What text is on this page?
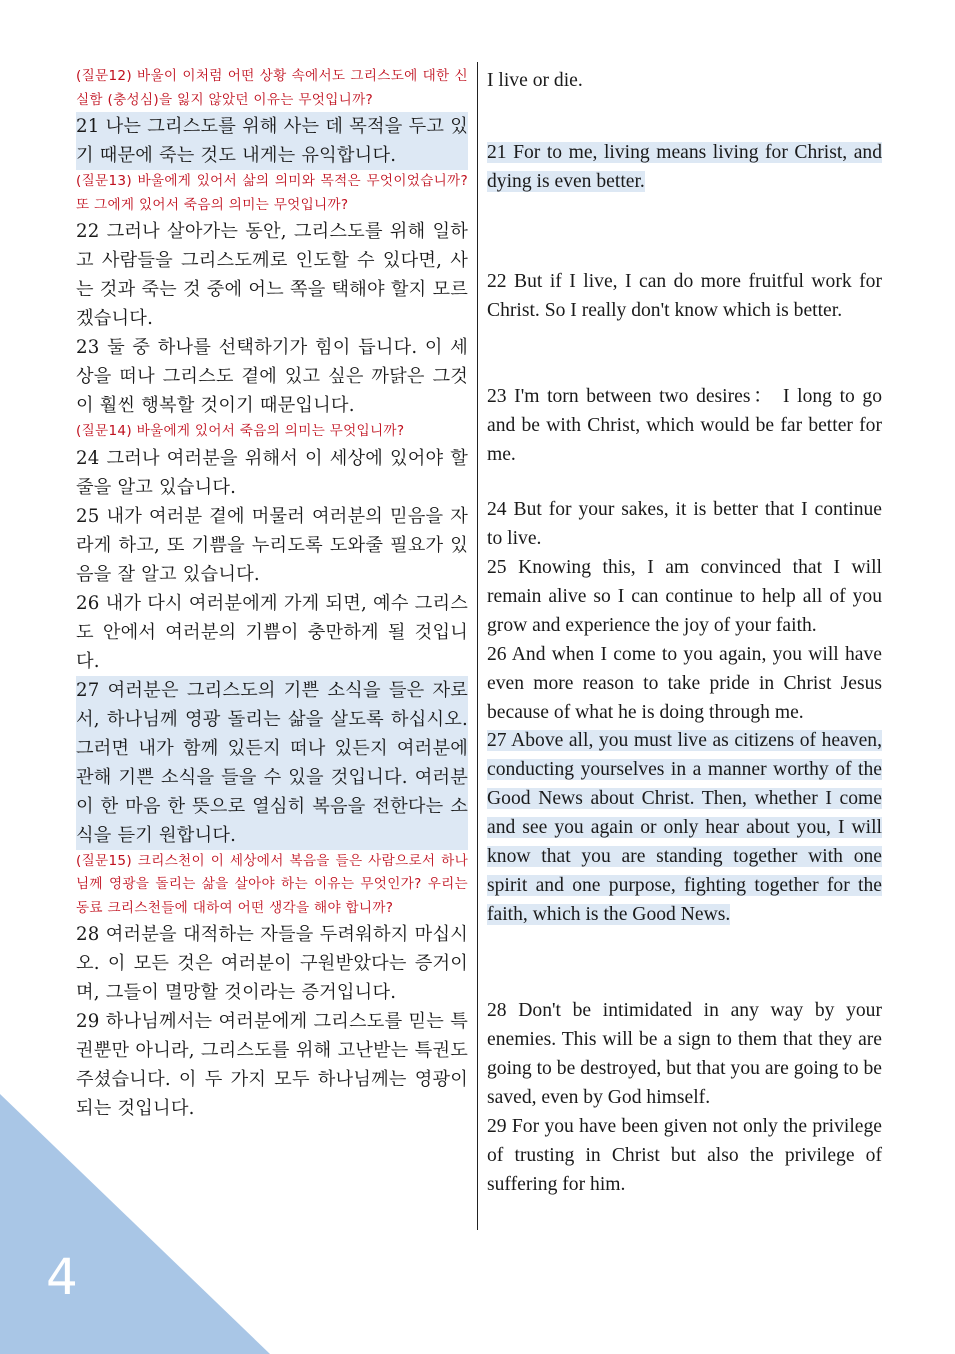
4

(질문12) 바울이 이처럼 어떤 상황 속에서도 그리스도에 대한 신실함 (충성심)을 잃지 않았던 이유는 무엇입니까?

21 나는 그리스도를 위해 사는 데 목적을 두고 있기 때문에 죽는 것도 내게는 유익합니다.

(질문13) 바울에게 있어서 삶의 의미와 목적은 무엇이었습니까? 또 그에게 있어서 죽음의 의미는 무엇입니까?

22 그러나 살아가는 동안, 그리스도를 위해 일하고 사람들을 그리스도께로 인도할 수 있다면, 사는 것과 죽는 것 중에 어느 쪽을 택해야 할지 모르겠습니다.

23 둘 중 하나를 선택하기가 힘이 듭니다. 이 세상을 떠나 그리스도 곁에 있고 싶은 까닭은 그것이 훨씬 행복할 것이기 때문입니다.

(질문14) 바울에게 있어서 죽음의 의미는 무엇입니까?

24 그러나 여러분을 위해서 이 세상에 있어야 할 줄을 알고 있습니다.

25 내가 여러분 곁에 머물러 여러분의 믿음을 자라게 하고, 또 기쁨을 누리도록 도와줄 필요가 있음을 잘 알고 있습니다.

26 내가 다시 여러분에게 가게 되면, 예수 그리스도 안에서 여러분의 기쁨이 충만하게 될 것입니다.

27 여러분은 그리스도의 기쁜 소식을 들은 자로서, 하나님께 영광 돌리는 삶을 살도록 하십시오. 그러면 내가 함께 있든지 떠나 있든지 여러분에 관해 기쁜 소식을 들을 수 있을 것입니다. 여러분이 한 마음 한 뜻으로 열심히 복음을 전한다는 소식을 듣기 원합니다.

(질문15) 크리스천이 이 세상에서 복음을 들은 사람으로서 하나님께 영광을 돌리는 삶을 살아야 하는 이유는 무엇인가? 우리는 동료 크리스천들에 대하여 어떤 생각을 해야 합니까?

28 여러분을 대적하는 자들을 두려워하지 마십시오. 이 모든 것은 여러분이 구원받았다는 증거이며, 그들이 멸망할 것이라는 증거입니다.

29 하나님께서는 여러분에게 그리스도를 믿는 특권뿐만 아니라, 그리스도를 위해 고난받는 특권도 주셨습니다. 이 두 가지 모두 하나님께는 영광이 되는 것입니다.

I live or die.

21 For to me, living means living for Christ, and dying is even better.

22 But if I live, I can do more fruitful work for Christ. So I really don't know which is better.

23 I'm torn between two desires： I long to go and be with Christ, which would be far better for me.

24 But for your sakes, it is better that I continue to live.

25 Knowing this, I am convinced that I will remain alive so I can continue to help all of you grow and experience the joy of your faith.

26 And when I come to you again, you will have even more reason to take pride in Christ Jesus because of what he is doing through me.

27 Above all, you must live as citizens of heaven, conducting yourselves in a manner worthy of the Good News about Christ. Then, whether I come and see you again or only hear about you, I will know that you are standing together with one spirit and one purpose, fighting together for the faith, which is the Good News.

28 Don't be intimidated in any way by your enemies. This will be a sign to them that they are going to be destroyed, but that you are going to be saved, even by God himself.

29 For you have been given not only the privilege of trusting in Christ but also the privilege of suffering for him.
